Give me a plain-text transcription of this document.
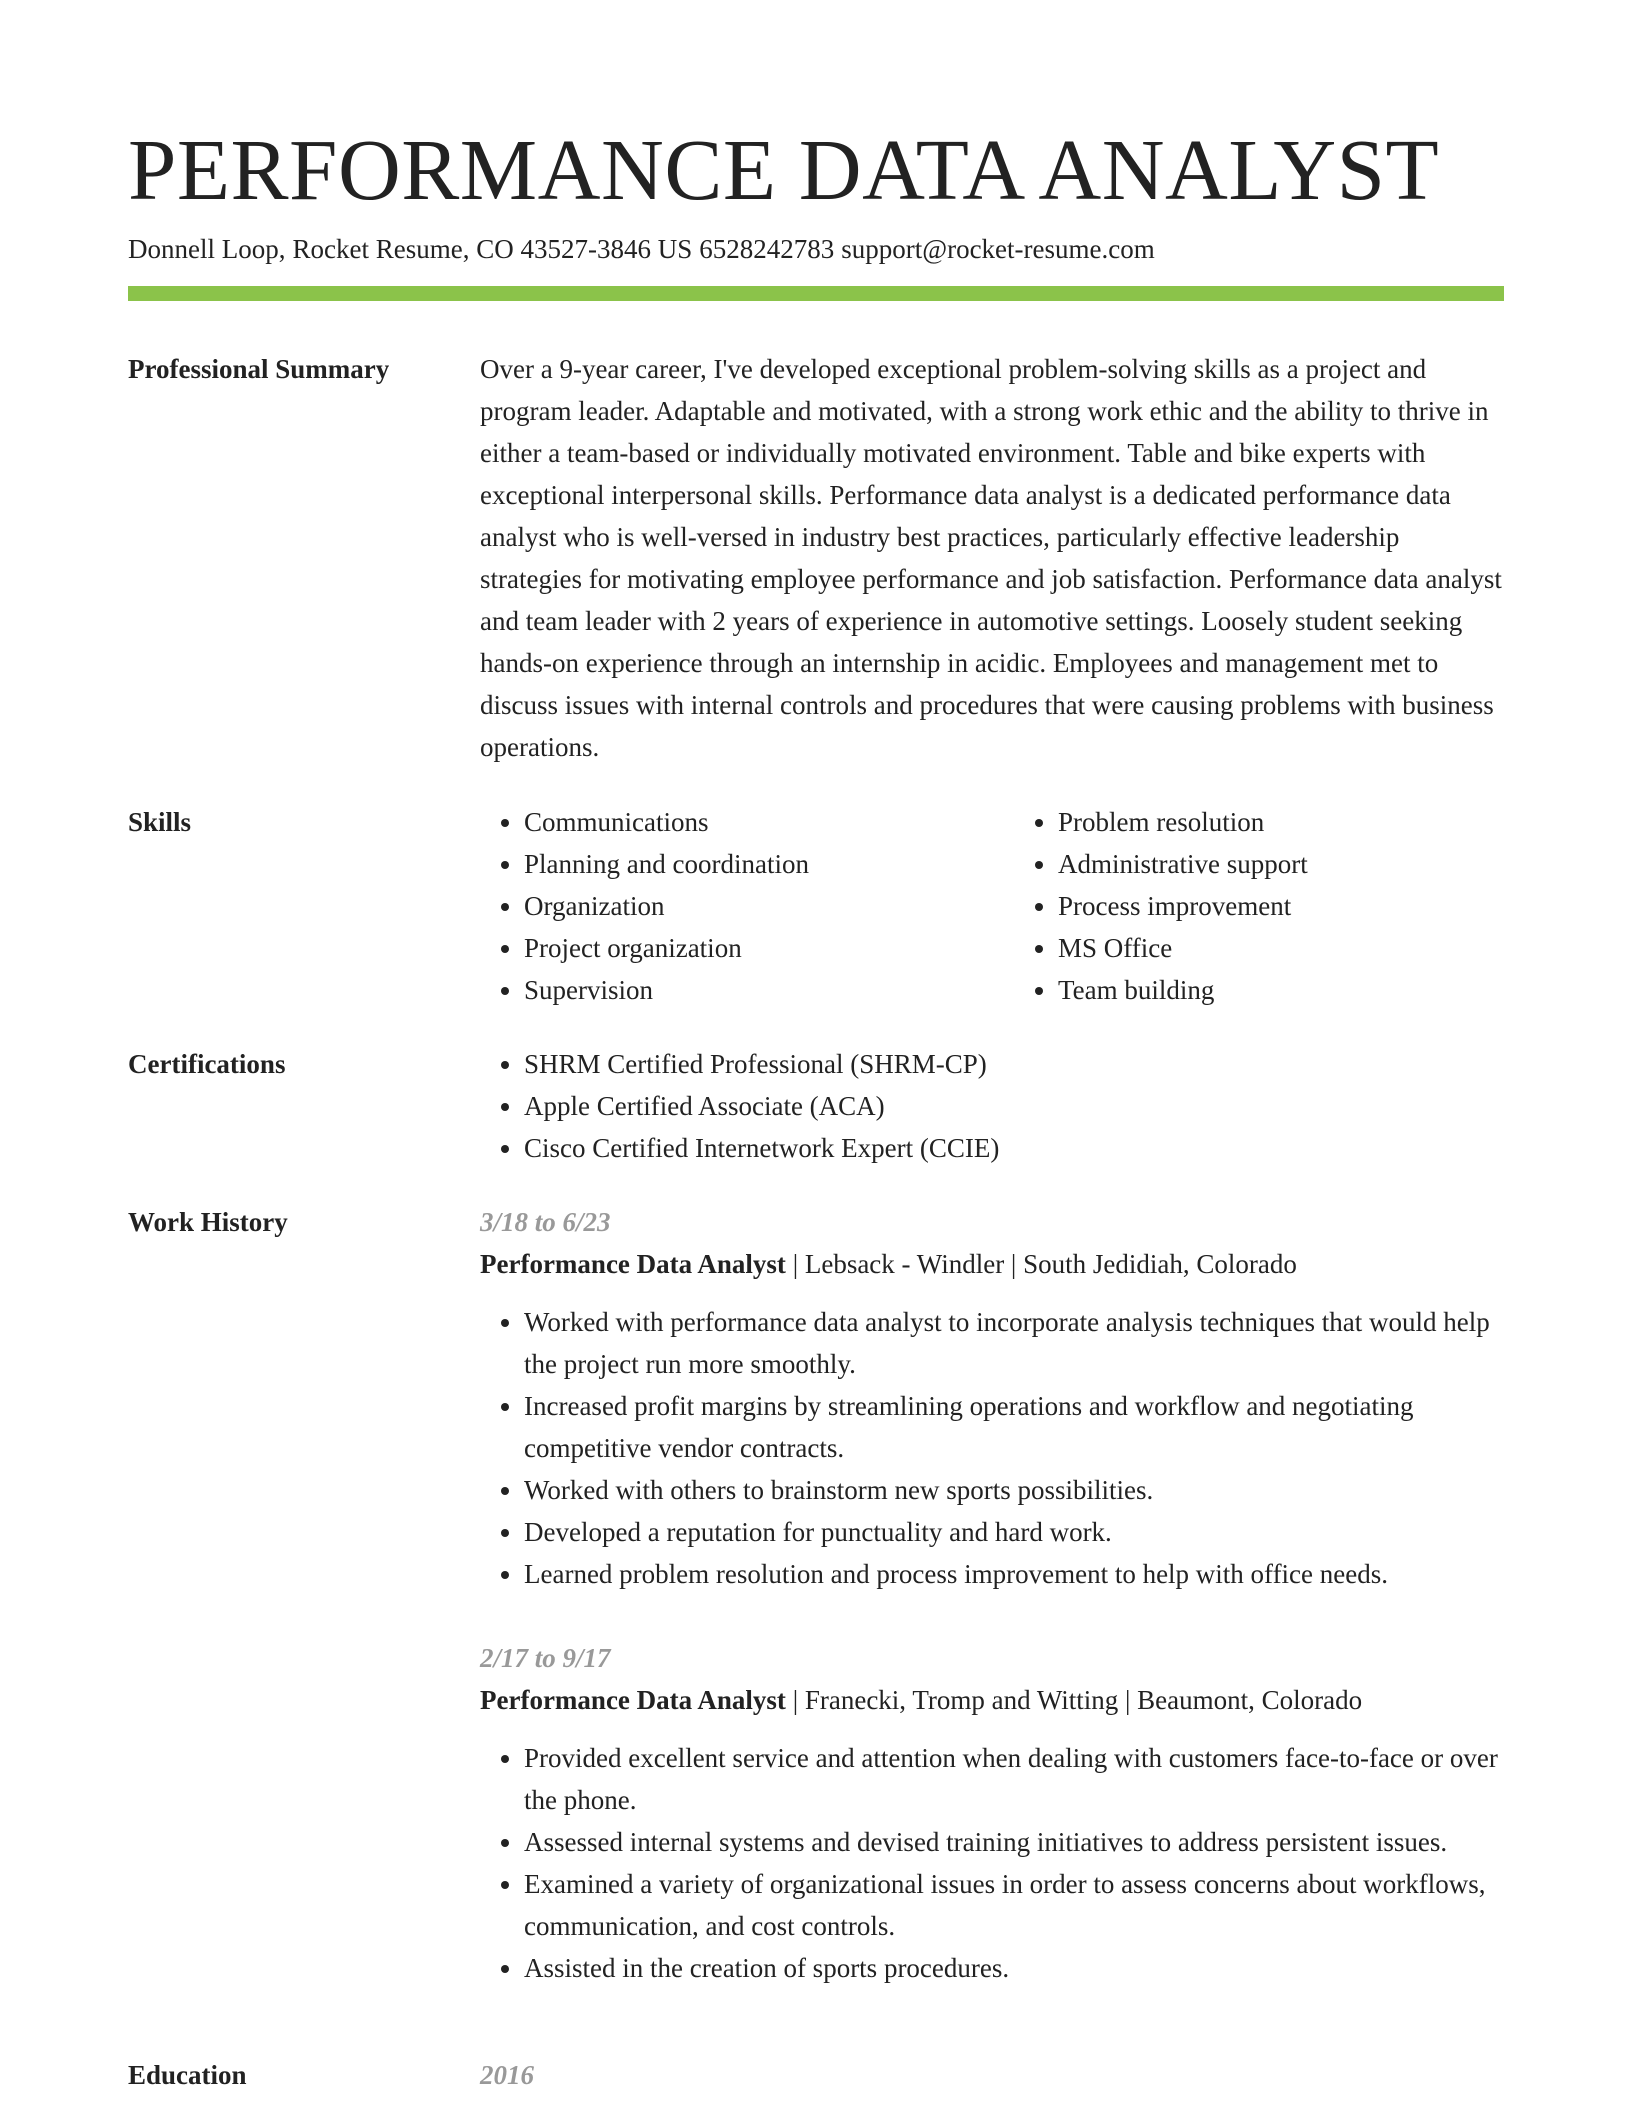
PERFORMANCE DATA ANALYST
Donnell Loop, Rocket Resume, CO 43527-3846 US 6528242783 support@rocket-resume.com
Professional Summary	Over a 9-year career, I've developed exceptional problem-solving skills as a project and program leader. Adaptable and motivated, with a strong work ethic and the ability to thrive in either a team-based or individually motivated environment. Table and bike experts with exceptional interpersonal skills. Performance data analyst is a dedicated performance data analyst who is well-versed in industry best practices, particularly effective leadership strategies for motivating employee performance and job satisfaction. Performance data analyst and team leader with 2 years of experience in automotive settings. Loosely student seeking hands-on experience through an internship in acidic. Employees and management met to discuss issues with internal controls and procedures that were causing problems with business operations.

Skills	• Communications
• Planning and coordination
• Organization
• Project organization
• Supervision
• Problem resolution
• Administrative support
• Process improvement
• MS Office
• Team building
Certifications	• SHRM Certified Professional (SHRM-CP)
• Apple Certified Associate (ACA)
• Cisco Certified Internetwork Expert (CCIE)
Work History	3/18 to 6/23
Performance Data Analyst | Lebsack - Windler | South Jedidiah, Colorado
• Worked with performance data analyst to incorporate analysis techniques that would help the project run more smoothly.
• Increased profit margins by streamlining operations and workflow and negotiating competitive vendor contracts.
• Worked with others to brainstorm new sports possibilities.
• Developed a reputation for punctuality and hard work.
• Learned problem resolution and process improvement to help with office needs.
2/17 to 9/17
Performance Data Analyst | Franecki, Tromp and Witting | Beaumont, Colorado
• Provided excellent service and attention when dealing with customers face-to-face or over the phone.
• Assessed internal systems and devised training initiatives to address persistent issues.
• Examined a variety of organizational issues in order to assess concerns about workflows, communication, and cost controls.
• Assisted in the creation of sports procedures.
Education	2016
